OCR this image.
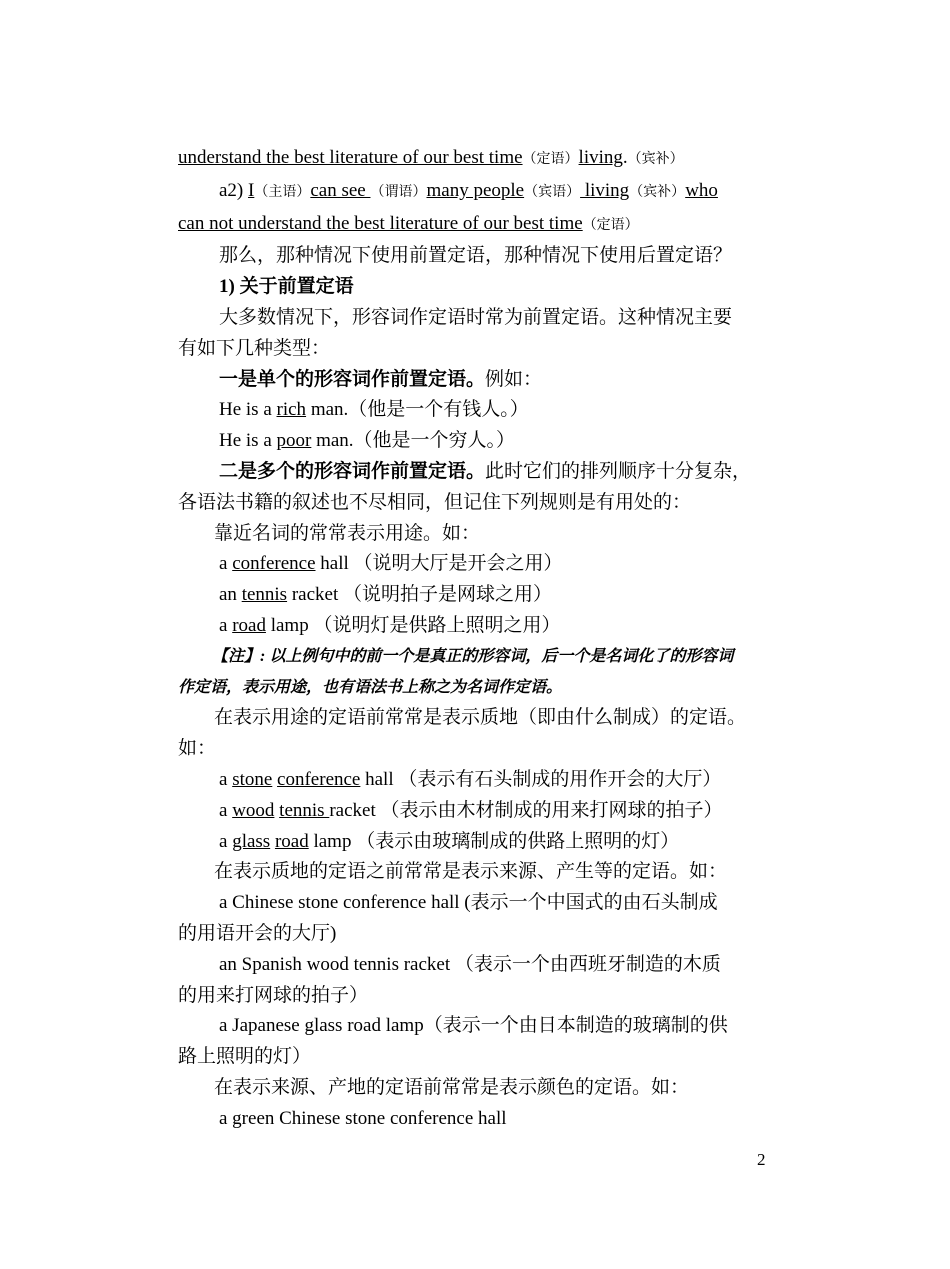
understand the best literature of our best time（定语）living.（宾补）
a2) I（主语）can see （谓语）many people（宾语） living（宾补）who
can not understand the best literature of our best time（定语）
那么，那种情况下使用前置定语，那种情况下使用后置定语？
1) 关于前置定语
大多数情况下，形容词作定语时常为前置定语。这种情况主要
有如下几种类型：
一是单个的形容词作前置定语。例如：
He is a rich man.（他是一个有钱人。）
He is a poor man.（他是一个穷人。）
二是多个的形容词作前置定语。此时它们的排列顺序十分复杂，
各语法书籍的叙述也不尽相同，但记住下列规则是有用处的：
靠近名词的常常表示用途。如：
a conference hall （说明大厅是开会之用）
an tennis racket （说明拍子是网球之用）
a road lamp （说明灯是供路上照明之用）
【注】: 以上例句中的前一个是真正的形容词，后一个是名词化了的形容词
作定语，表示用途，也有语法书上称之为名词作定语。
在表示用途的定语前常常是表示质地（即由什么制成）的定语。
如：
a stone conference hall （表示有石头制成的用作开会的大厅）
a wood tennis racket （表示由木材制成的用来打网球的拍子）
a glass road lamp （表示由玻璃制成的供路上照明的灯）
在表示质地的定语之前常常是表示来源、产生等的定语。如：
a Chinese stone conference hall (表示一个中国式的由石头制成
的用语开会的大厅)
an Spanish wood tennis racket （表示一个由西班牙制造的木质
的用来打网球的拍子）
a Japanese glass road lamp（表示一个由日本制造的玻璃制的供
路上照明的灯）
在表示来源、产地的定语前常常是表示颜色的定语。如：
a green Chinese stone conference hall
2
